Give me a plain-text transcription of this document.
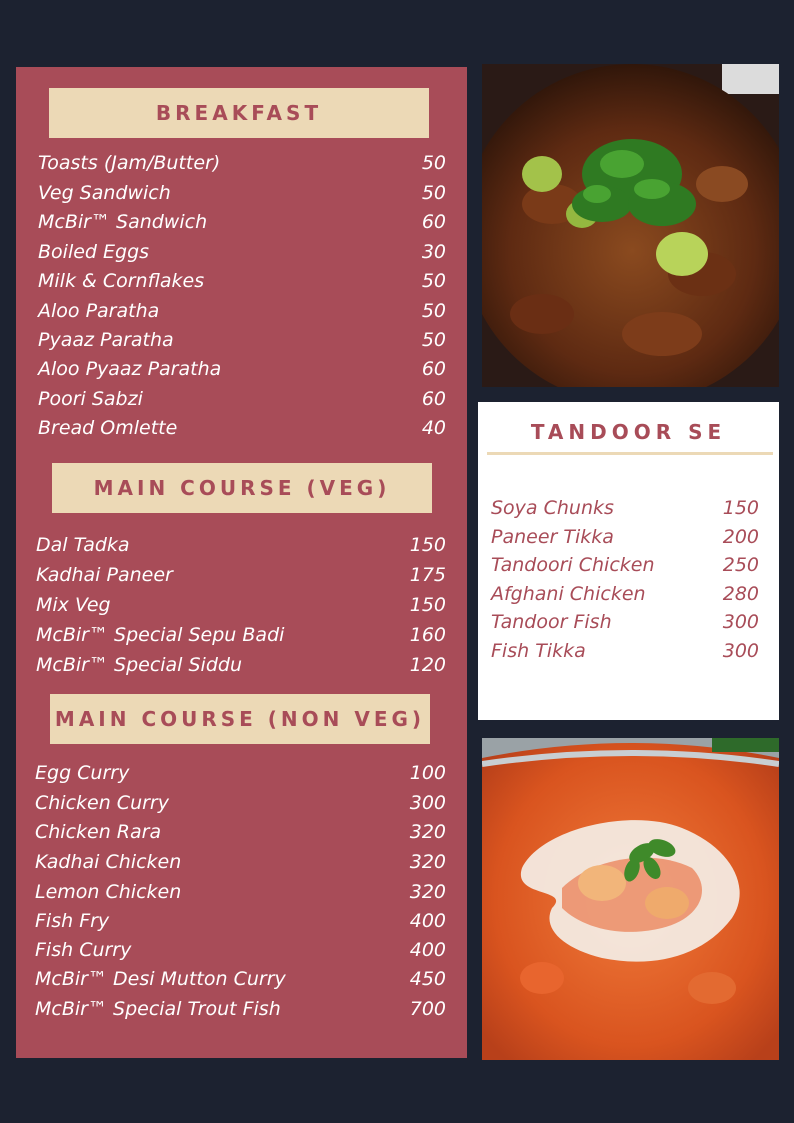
BREAKFAST
Toasts (Jam/Butter)	50
Veg Sandwich	50
McBir™ Sandwich	60
Boiled Eggs	30
Milk & Cornflakes	50
Aloo Paratha	50
Pyaaz Paratha	50
Aloo Pyaaz Paratha	60
Poori Sabzi	60
Bread Omlette	40
MAIN COURSE (VEG)
Dal Tadka	150
Kadhai Paneer	175
Mix Veg	150
McBir™ Special Sepu Badi	160
McBir™ Special Siddu	120
MAIN COURSE (NON VEG)
Egg Curry	100
Chicken Curry	300
Chicken Rara	320
Kadhai Chicken	320
Lemon Chicken	320
Fish Fry	400
Fish Curry	400
McBir™ Desi Mutton Curry	450
McBir™ Special Trout Fish	700
TANDOOR SE
Soya Chunks	150
Paneer Tikka	200
Tandoori Chicken	250
Afghani Chicken	280
Tandoor Fish	300
Fish Tikka	300
